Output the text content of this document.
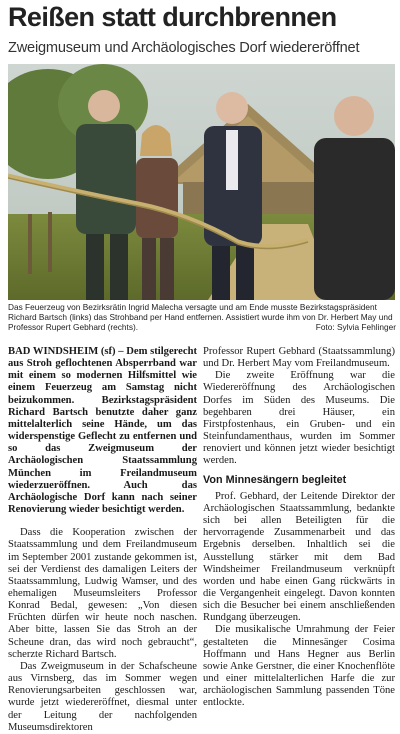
Reißen statt durchbrennen
Zweigmuseum und Archäologisches Dorf wiedereröffnet
Das Feuerzeug von Bezirksrätin Ingrid Malecha versagte und am Ende musste Bezirkstagspräsident Richard Bartsch (links) das Strohband per Hand entfernen. Assistiert wurde ihm von Dr. Herbert May und Professor Rupert Gebhard (rechts).	Foto: Sylvia Fehlinger

BAD WINDSHEIM (sf) – Dem stilgerecht aus Stroh geflochtenen Absperrband war mit einem so modernen Hilfsmittel wie einem Feuerzeug am Samstag nicht beizukommen. Bezirkstagspräsident Richard Bartsch benutzte daher ganz mittelalterlich seine Hände, um das widerspenstige Geflecht zu entfernen und so das Zweigmuseum der Archäologischen Staatssammlung München im Freilandmuseum wiederzueröffnen. Auch das Archäologische Dorf kann nach seiner Renovierung wieder besichtigt werden.

Dass die Kooperation zwischen der Staatssammlung und dem Freilandmuseum im September 2001 zustande gekommen ist, sei der Verdienst des damaligen Leiters der Staatssammlung, Ludwig Wamser, und des ehemaligen Museumsleiters Professor Konrad Bedal, gewesen: „Von diesen Früchten dürfen wir heute noch naschen. Aber bitte, lassen Sie das Stroh an der Scheune dran, das wird noch gebraucht“, scherzte Richard Bartsch.

Das Zweigmuseum in der Schafscheune aus Virnsberg, das im Sommer wegen Renovierungsarbeiten geschlossen war, wurde jetzt wiedereröffnet, diesmal unter der Leitung der nachfolgenden Museumsdirektoren

Professor Rupert Gebhard (Staatssammlung) und Dr. Herbert May vom Freilandmuseum.

Die zweite Eröffnung war die Wiedereröffnung des Archäologischen Dorfes im Süden des Museums. Die begehbaren drei Häuser, ein Firstpfostenhaus, ein Gruben- und ein Steinfundamenthaus, wurden im Sommer renoviert und können jetzt wieder besichtigt werden.

Von Minnesängern begleitet

Prof. Gebhard, der Leitende Direktor der Archäologischen Staatssammlung, bedankte sich bei allen Beteiligten für die hervorragende Zusammenarbeit und das Ergebnis derselben. Inhaltlich sei die Ausstellung stärker mit dem Bad Windsheimer Freilandmuseum verknüpft worden und habe einen Gang rückwärts in die Vergangenheit eingelegt. Davon konnten sich die Besucher bei einem anschließenden Rundgang überzeugen.

Die musikalische Umrahmung der Feier gestalteten die Minnesänger Cosima Hoffmann und Hans Hegner aus Berlin sowie Anke Gerstner, die einer Knochenflöte und einer mittelalterlichen Harfe die zur archäologischen Sammlung passenden Töne entlockte.
